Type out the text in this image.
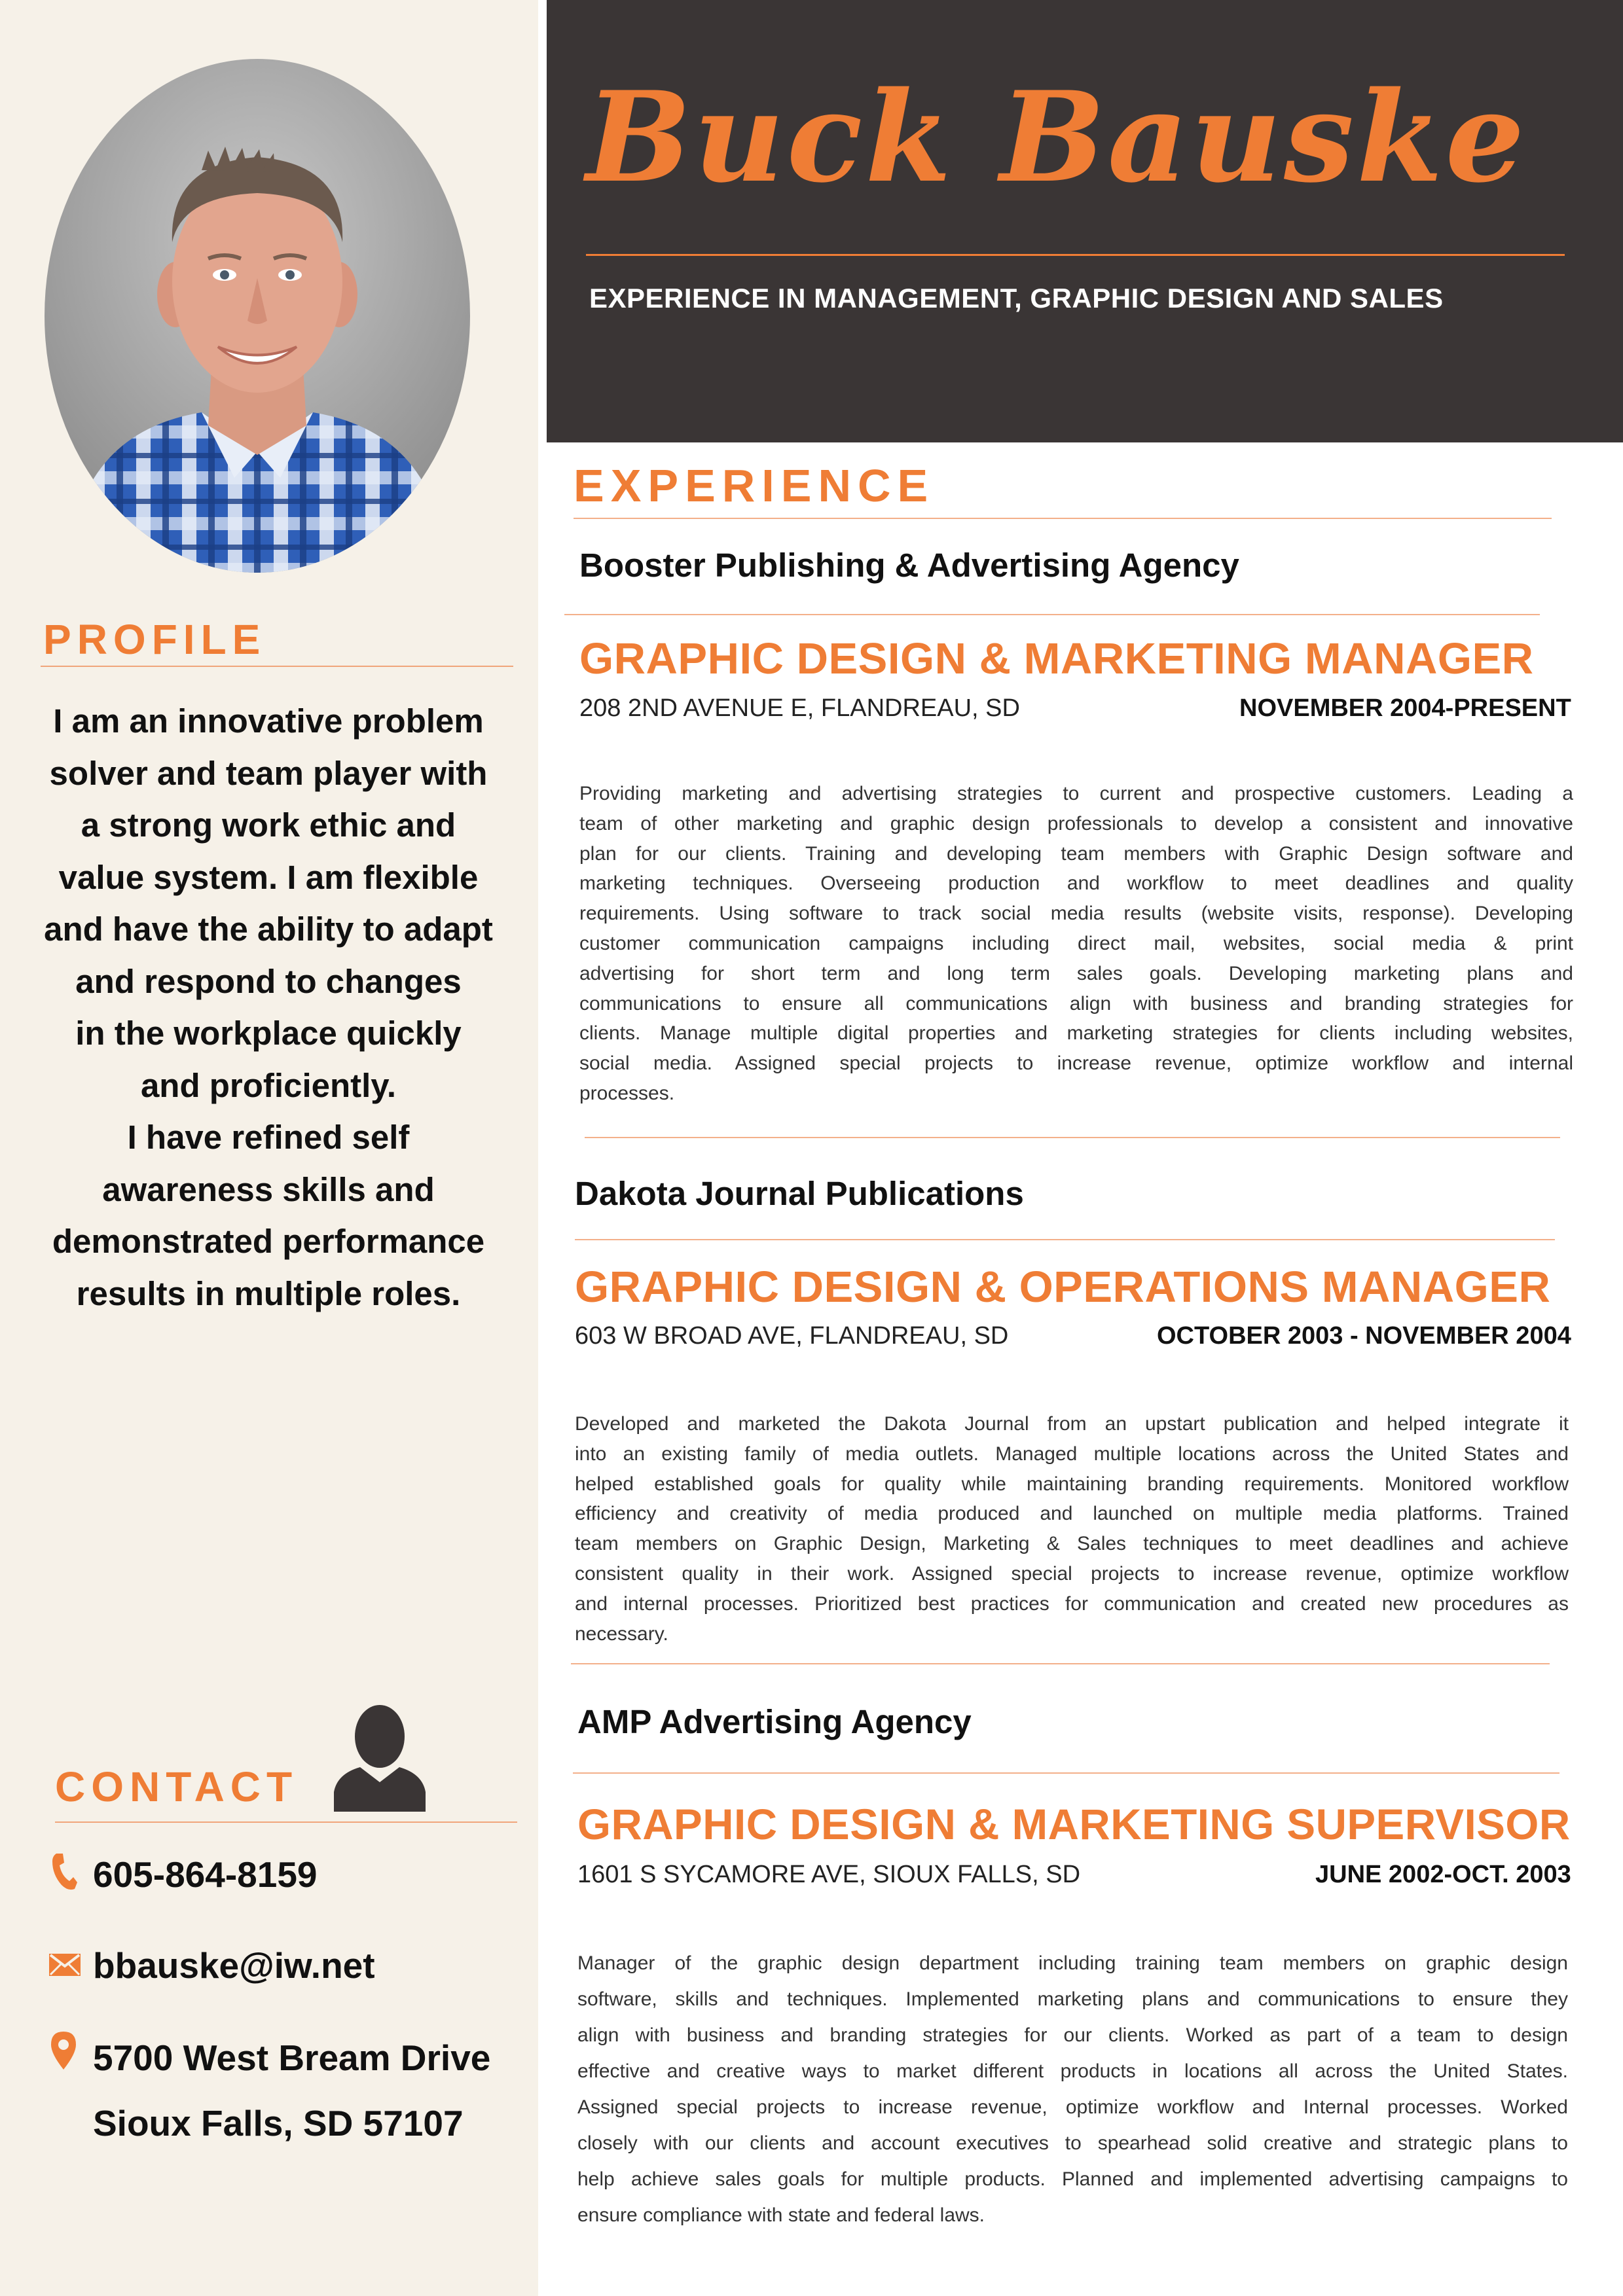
Buck Bauske
EXPERIENCE IN MANAGEMENT, GRAPHIC DESIGN AND SALES
PROFILE
I am an innovative problem
solver and team player with
a strong work ethic and
value system. I am flexible
and have the ability to adapt
and respond to changes
in the workplace quickly
and proficiently.
I have refined self
awareness skills and
demonstrated performance
results in multiple roles.
CONTACT
605-864-8159
bbauske@iw.net
5700 West Bream Drive
Sioux Falls, SD 57107
EXPERIENCE
Booster Publishing & Advertising Agency
GRAPHIC DESIGN & MARKETING MANAGER
208 2ND AVENUE E, FLANDREAU, SD	NOVEMBER 2004-PRESENT
Providing marketing and advertising strategies to current and prospective customers. Leading a
team of other marketing and graphic design professionals to develop a consistent and innovative
plan for our clients. Training and developing team members with Graphic Design software and
marketing techniques. Overseeing production and workflow to meet deadlines and quality
requirements. Using software to track social media results (website visits, response). Developing
customer communication campaigns including direct mail, websites, social media & print
advertising for short term and long term sales goals. Developing marketing plans and
communications to ensure all communications align with business and branding strategies for
clients. Manage multiple digital properties and marketing strategies for clients including websites,
social media. Assigned special projects to increase revenue, optimize workflow and internal
processes.
Dakota Journal Publications
GRAPHIC DESIGN & OPERATIONS MANAGER
603 W BROAD AVE, FLANDREAU, SD	OCTOBER 2003 - NOVEMBER 2004
Developed and marketed the Dakota Journal from an upstart publication and helped integrate it
into an existing family of media outlets. Managed multiple locations across the United States and
helped established goals for quality while maintaining branding requirements. Monitored workflow
efficiency and creativity of media produced and launched on multiple media platforms. Trained
team members on Graphic Design, Marketing & Sales techniques to meet deadlines and achieve
consistent quality in their work. Assigned special projects to increase revenue, optimize workflow
and internal processes. Prioritized best practices for communication and created new procedures as
necessary.
AMP Advertising Agency
GRAPHIC DESIGN & MARKETING SUPERVISOR
1601 S SYCAMORE AVE, SIOUX FALLS, SD	JUNE 2002-OCT. 2003
Manager of the graphic design department including training team members on graphic design
software, skills and techniques. Implemented marketing plans and communications to ensure they
align with business and branding strategies for our clients. Worked as part of a team to design
effective and creative ways to market different products in locations all across the United States.
Assigned special projects to increase revenue, optimize workflow and Internal processes. Worked
closely with our clients and account executives to spearhead solid creative and strategic plans to
help achieve sales goals for multiple products. Planned and implemented advertising campaigns to
ensure compliance with state and federal laws.
